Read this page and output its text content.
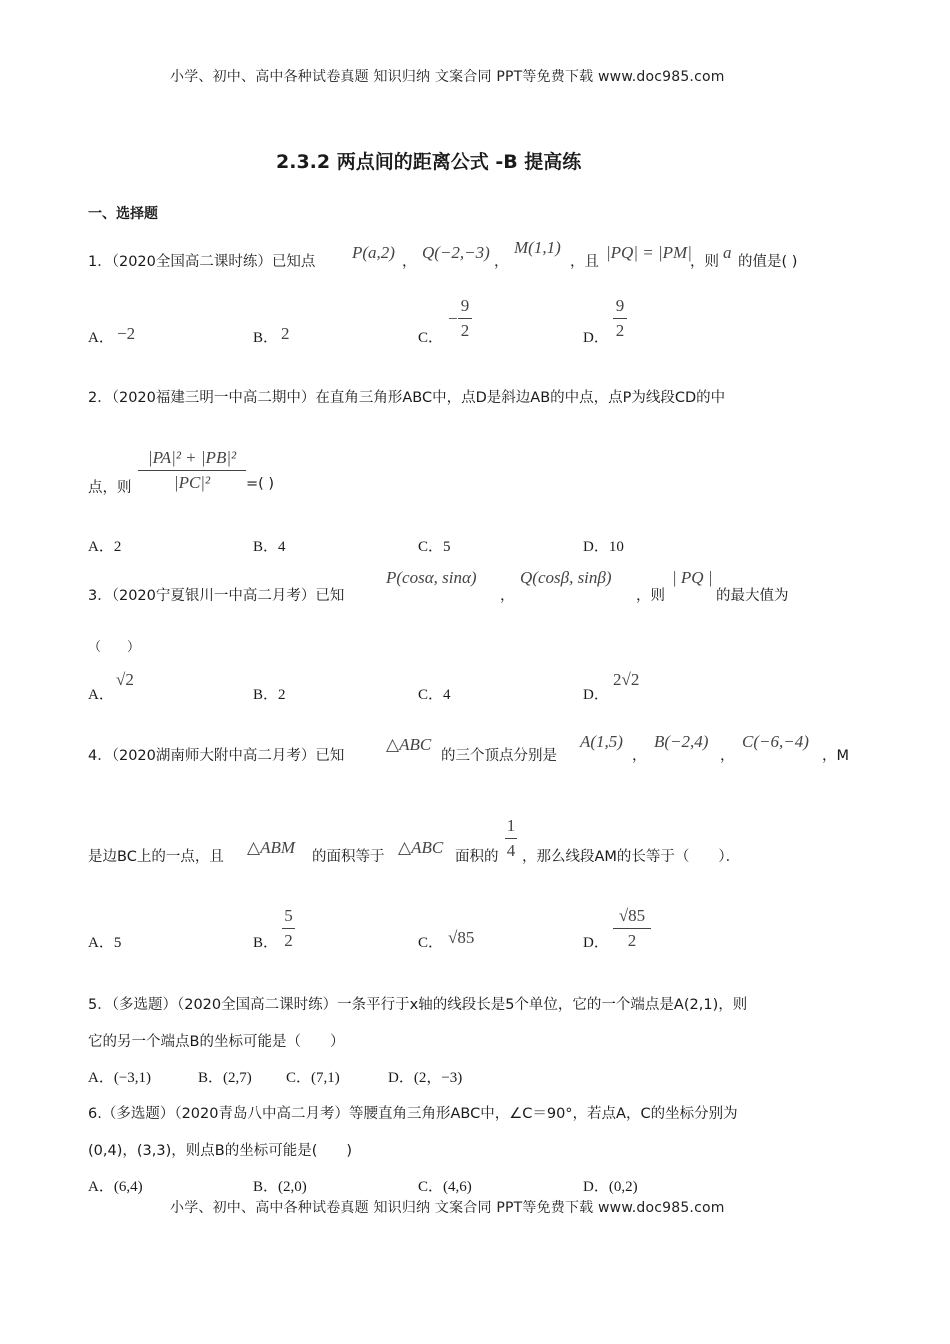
小学、初中、高中各种试卷真题 知识归纳 文案合同 PPT等免费下载 www.doc985.com
2.3.2 两点间的距离公式 -B 提高练
一、选择题
1．（2020全国高二课时练）已知点 P(a,2) ， Q(−2,−3) ，
M(1,1)
，且 |PQ| = |PM|
，则 a 的值是( )
A． −2	B． 2	C．
−
9
2	D．
9
2
2．（2020福建三明一中高二期中）在直角三角形ABC中，点D是斜边AB的中点，点P为线段CD的中
点，则
|PA|² + |PB|²
|PC|²	=( )
A．2	B．4	C．5	D．10
3．（2020宁夏银川一中高二月考）已知
P(cosα, sinα)
，
Q(cosβ, sinβ)
，则
| PQ |
的最大值为
（　　）
A．
√2
B．2	C．4	D．
2√2
4．（2020湖南师大附中高二月考）已知
△ABC
的三个顶点分别是
A(1,5)
，
B(−2,4)
，
C(−6,−4)
，M
是边BC上的一点，且 △ABM 的面积等于 △ABC 面积的
1
4 ，那么线段AM的长等于（　　）．
A．5	B．
5
2	C． √85	D．
√85
2
5．（多选题）（2020全国高二课时练）一条平行于x轴的线段长是5个单位，它的一个端点是A(2,1)，则
它的另一个端点B的坐标可能是（　　）
A．(−3,1)	B．(2,7) C．(7,1)	D．(2，−3)
6.（多选题）（2020青岛八中高二月考）等腰直角三角形ABC中，∠C＝90°，若点A，C的坐标分别为
(0,4)，(3,3)，则点B的坐标可能是(　　)
A．(6,4)	B．(2,0)	C．(4,6)	D．(0,2)
小学、初中、高中各种试卷真题 知识归纳 文案合同 PPT等免费下载 www.doc985.com
